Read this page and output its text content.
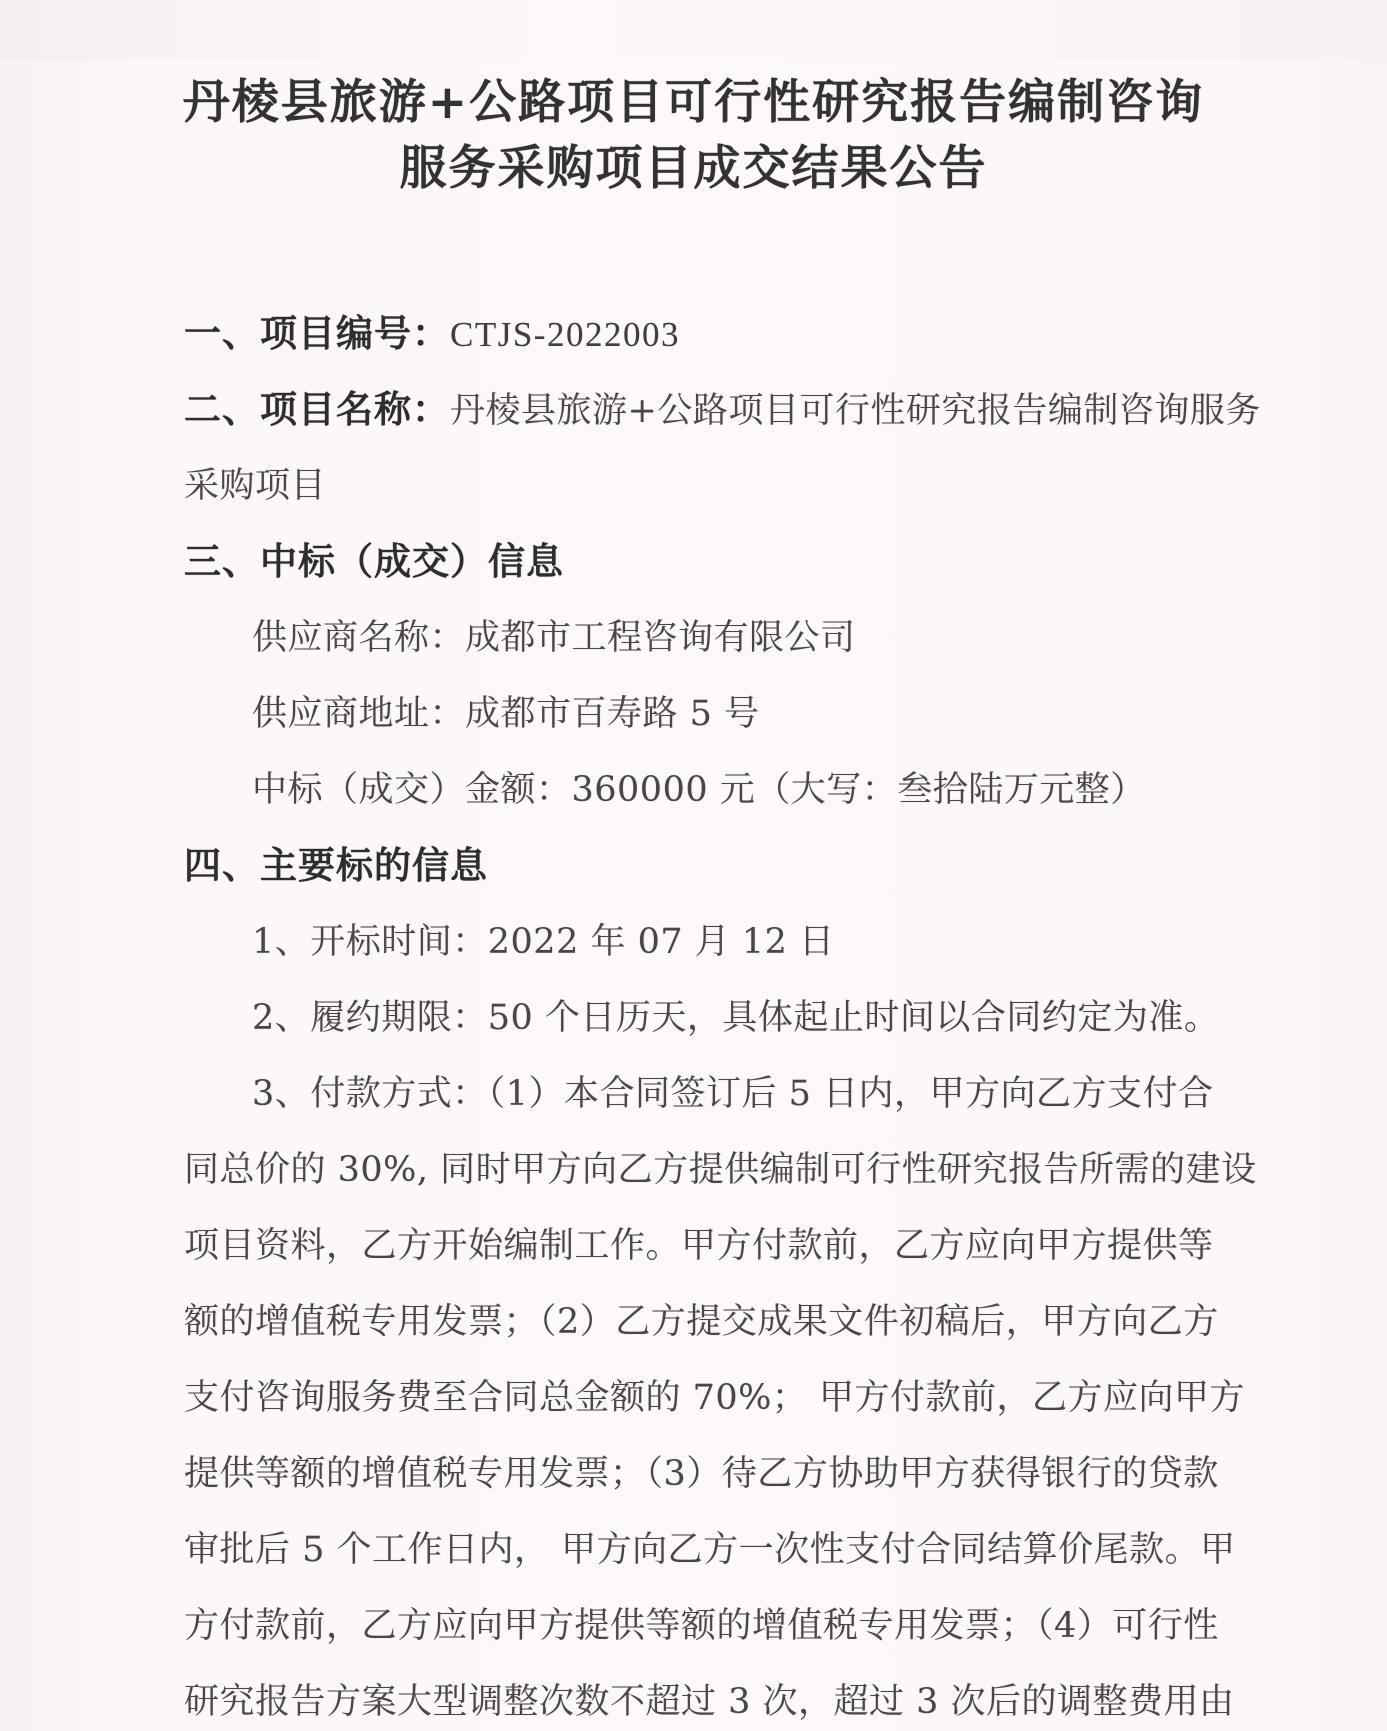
丹棱县旅游+公路项目可行性研究报告编制咨询
服务采购项目成交结果公告
一、项目编号：CTJS-2022003
二、项目名称：丹棱县旅游+公路项目可行性研究报告编制咨询服务
采购项目
三、中标（成交）信息
供应商名称：成都市工程咨询有限公司
供应商地址：成都市百寿路 5 号
中标（成交）金额：360000 元（大写：叁拾陆万元整）
四、主要标的信息
1、开标时间：2022 年 07 月 12 日
2、履约期限：50 个日历天，具体起止时间以合同约定为准。
3、付款方式：（1）本合同签订后 5 日内，甲方向乙方支付合
同总价的 30%, 同时甲方向乙方提供编制可行性研究报告所需的建设
项目资料，乙方开始编制工作。甲方付款前，乙方应向甲方提供等
额的增值税专用发票；（2）乙方提交成果文件初稿后，甲方向乙方
支付咨询服务费至合同总金额的 70%； 甲方付款前，乙方应向甲方
提供等额的增值税专用发票；（3）待乙方协助甲方获得银行的贷款
审批后 5 个工作日内， 甲方向乙方一次性支付合同结算价尾款。甲
方付款前，乙方应向甲方提供等额的增值税专用发票；（4）可行性
研究报告方案大型调整次数不超过 3 次，超过 3 次后的调整费用由
